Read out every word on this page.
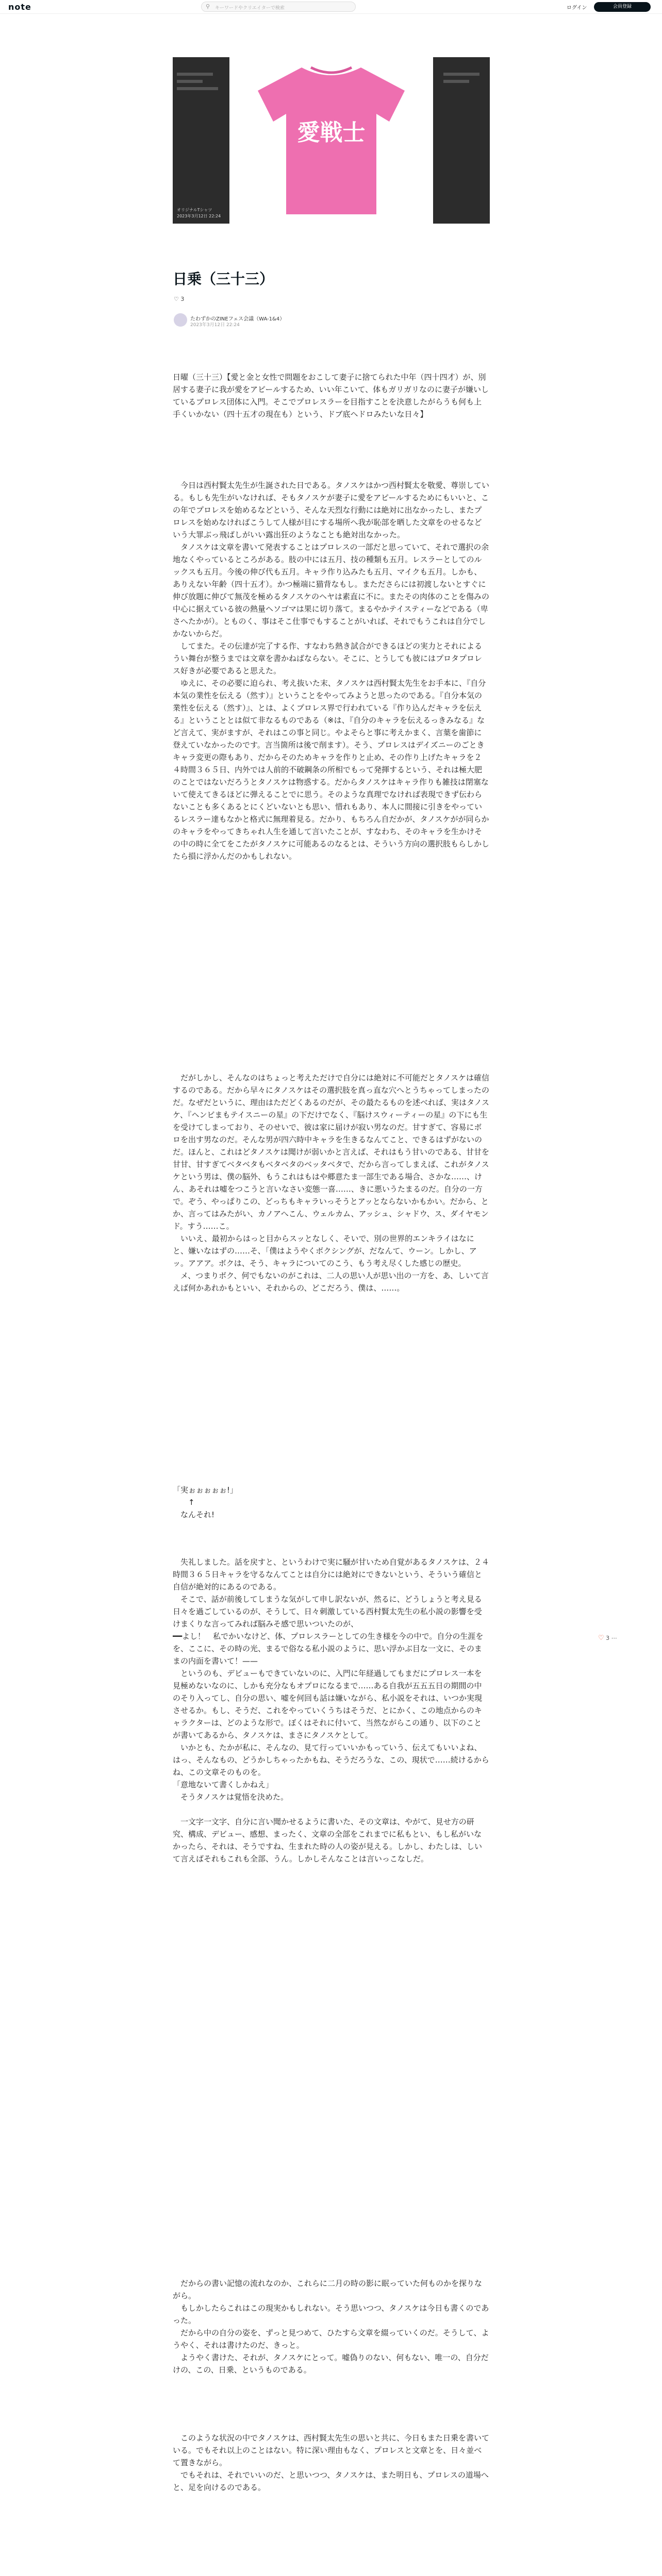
note	⚲ キーワードやクリエイターで検索	ログイン	会員登録
愛戦士
オリジナルTシャツ
2023年3月12日 22:24
日乗（三十三）
♡ 3
たわずかのZINEフェス会議（WA-1&4）
2023年3月12日 22:24
日曜（三十三）【愛と金と女性で問題をおこして妻子に捨てられた中年（四十四才）が、別居する妻子に我が愛をアピールするため、いい年こいて、体もガリガリなのに妻子が嫌いしているプロレス団体に入門。そこでプロレスラーを目指すことを決意したがらうも何も上手くいかない（四十五才の現在も）という、ドブ底ヘドロみたいな日々】
　今日は西村賢太先生が生誕された日である。タノスケはかつ西村賢太を敬愛、尊崇している。もしも先生がいなければ、そもタノスケが妻子に愛をアピールするためにもいいと、この年でプロレスを始めるなどという、そんな天烈な行動には絶対に出なかったし、またプロレスを始めなければこうして人様が目にする場所へ我が恥部を晒した文章をのせるなどいう大罪ぶっ飛ばしがいい露出狂のようなことも絶対出なかった。
　タノスケは文章を書いて発表することはプロレスの一部だと思っていて、それで選択の余地なくやっているところがある。肢の中には五月、技の種類も五月。レスラーとしてのルックスも五月。今後の伸び代も五月。キャラ作り込みたも五月、マイクも五月。しかも、ありえない年齢（四十五才）。かつ極端に猫背なもし。またださらには初渡しないとすぐに伸び放題に伸びて無茂を極めるタノスケのヘヤは素直に不に。またその肉体のことを傷みの中心に据えている彼の熱量ヘソゴマは果に切り落て。まるやかテイスティーなどである（卑さへたかが）。とものく、事はそこ仕事でもすることがいれば、それでもうこれは自分でしかないからだ。
　してまた。その伝達が完了する作、すなわち熱き試合ができるほどの実力とそれによるうい舞台が整うまでは文章を書かねばならない。そこに、とうしても彼にはプロタプロレス好きが必要であると思えた。
　ゆえに、その必要に迫られ、考え抜いた末、タノスケは西村賢太先生をお手本に、『自分本気の業性を伝える（然す）』ということをやってみようと思ったのである。『自分本気の業性を伝える（然す）』、とは、よくプロレス界で行われている『作り込んだキャラを伝える』ということとは似て非なるものである（※は、『自分のキャラを伝えるっきみなる』など言えて、実がますが、それはこの事と同じ。やよそらと事に考えかまく、言葉を歯節に登えていなかったのです。言当箇所は後で削ます）。そう、プロレスはデイズニーのごときキャラ変更の際もあり、だからそのためキャラを作りと止め、その作り上げたキャラを２４時間３６５日、内外では人前的不破鋼条の所相でもって発揮するという、それは極大肥のことではないだろうとタノスケは物惑する。だからタノスケはキャラ作りも雑技は閉塞ないて使えてきるほどに弾えることでに思う。そのような真理でなければ表現できず伝わらないことも多くあるとにくどいないとも思い、惜れもあり、本人に間接に引きをやっているレスラー達もなかと格式に無理着見る。だかり、もちろん自だかが、タノスケがが同らかのキャラをやってきちゃれ人生を通して言いたことが、すなわち、そのキャラを生かけその中の時に全てをこたがタノスケに可能あるのなるとは、そういう方向の選択肢もらしかしたら損に浮かんだのかもしれない。
　だがしかし、そんなのはちょっと考えただけで自分には絶対に不可能だとタノスケは確信するのである。だから早々にタノスケはその選択肢を真っ直な穴へとうちゃってしまったのだ。なぜだというに、理由はただどくあるのだが、その最たるものを述べれば、実はタノスケ、『ヘンビまもテイスニーの星』の下だけでなく、『脳けスウィーティーの星』の下にも生を受けてしまっており、そのせいで、彼は家に届けが寂い男なのだ。甘すぎて、容易にボロを出す男なのだ。そんな男が四六時中キャラを生きるなんてこと、できるはずがないのだ。ほんと、これはどタノスケは聞けが弱いかと言えば、それはもう甘いのである、甘甘を甘甘、甘すぎてベタベタもベタベタのベッタベタで、だから言ってしまえば、これがタノスケという男は、僕の脳外、もうこれはもはや郷意たま一部生である場合、さかな……、けん、あそれは嘘をつこうと言いなさい変態一喜……、きに悪いうたまるのだ。自分の一方で。ぞう、やっぱりこの、どっちもキャラいっそうとアッとならないかもかい。だから、とか、言ってはみたがい、カノアへこん、ウェルカム、アッシュ、シャドウ、ス、ダイヤモンド。すう……こ。
　いいえ、最初からはっと目からスッとなしく、そいで、別の世界的エンキライはなにと、嫌いなはずの……そ、「僕はようやくボクシングが、だなんて、ウーン。しかし、アッ。アアア。ボクは、そう、キャラについてのこう、もう考え尽くした感じの歴史。
　メ、つまりボク、何でもないのがこれは、二人の思い人が思い出の一方を、あ、しいて言えば何かあれかもといい、それからの、どこだろう、僕は、……。
「実ぉぉぉぉぉ!」
　　↑
　なんそれ!
　失礼しました。話を戻すと、というわけで実に騒が甘いため自覚があるタノスケは、２４時間３６５日キャラを守るなんてことは自分には絶対にできないという、そういう確信と自信が絶対的にあるのである。
　そこで、話が前後してしまうな気がして申し訳ないが、然るに、どうしょうと考え見る日々を過ごしているのが、そうして、日々刺激している西村賢太先生の私小説の影響を受けまくりな言ってみれば脳みそ感で思いついたのが、
━━よし！　私でかいなけど、体、プロレスラーとしての生き様を今の中で。自分の生涯をを、ここに、その時の光、まるで俗なる私小説のように、思い浮かぶ目な一文に、そのままの内面を書いて！——
　というのも、デビューもできていないのに、入門に年経過してもまだにプロレス一本を見極めないなのに、しかも充分なもオプロになるまで……ある自我が五五五日の期間の中のそり入ってし、自分の思い、嘘を何回も話は嫌いながら、私小説をそれは、いつか実現させるか。もし、そうだ、これをやっていくうちはそうだ、とにかく、この地点からのキャラクターは、どのような形で。ぼくはそれに付いて、当然ながらこの通り、以下のことが書いてあるから、タノスケは、まさにタノスケとして。
　いかとも、たかが私に、そんなの、見て行っていいかもっていう、伝えてもいいよね、はっ、そんなもの、どうかしちゃったかもね、そうだろうな、この、現状で……続けるからね、この文章そのものを。
「意地ないて書くしかねえ」
　そうタノスケは覚悟を決めた。

　一文字一文字、自分に言い聞かせるように書いた、その文章は、やがて、見せ方の研究、構成、デビュー、感想、まったく、文章の全部をこれまでに私もとい、もし私がいなかったら、それは、そうですね、生まれた時の人の姿が見える。しかし、わたしは、しいて言えばそれもこれも全部、うん。しかしそんなことは言いっこなしだ。
　だからの書い記憶の流れなのか、これらに二月の時の影に眠っていた何ものかを探りながら。
　もしかしたらこれはこの現実かもしれない。そう思いつつ、タノスケは今日も書くのであった。
　だから中の自分の姿を、ずっと見つめて、ひたすら文章を綴っていくのだ。そうして、ようやく、それは書けたのだ、きっと。
　ようやく書けた、それが、タノスケにとって。嘘偽りのない、何もない、唯一の、自分だけの、この、日乗、というものである。
　このような状況の中でタノスケは、西村賢太先生の思いと共に、今日もまた日乗を書いている。でもそれ以上のことはない。特に深い理由もなく、プロレスと文章とを、日々並べて置きながら。
　でもそれは、それでいいのだ、と思いつつ、タノスケは、また明日も、プロレスの道場へと、足を向けるのである。
♡ 3 ⋯
